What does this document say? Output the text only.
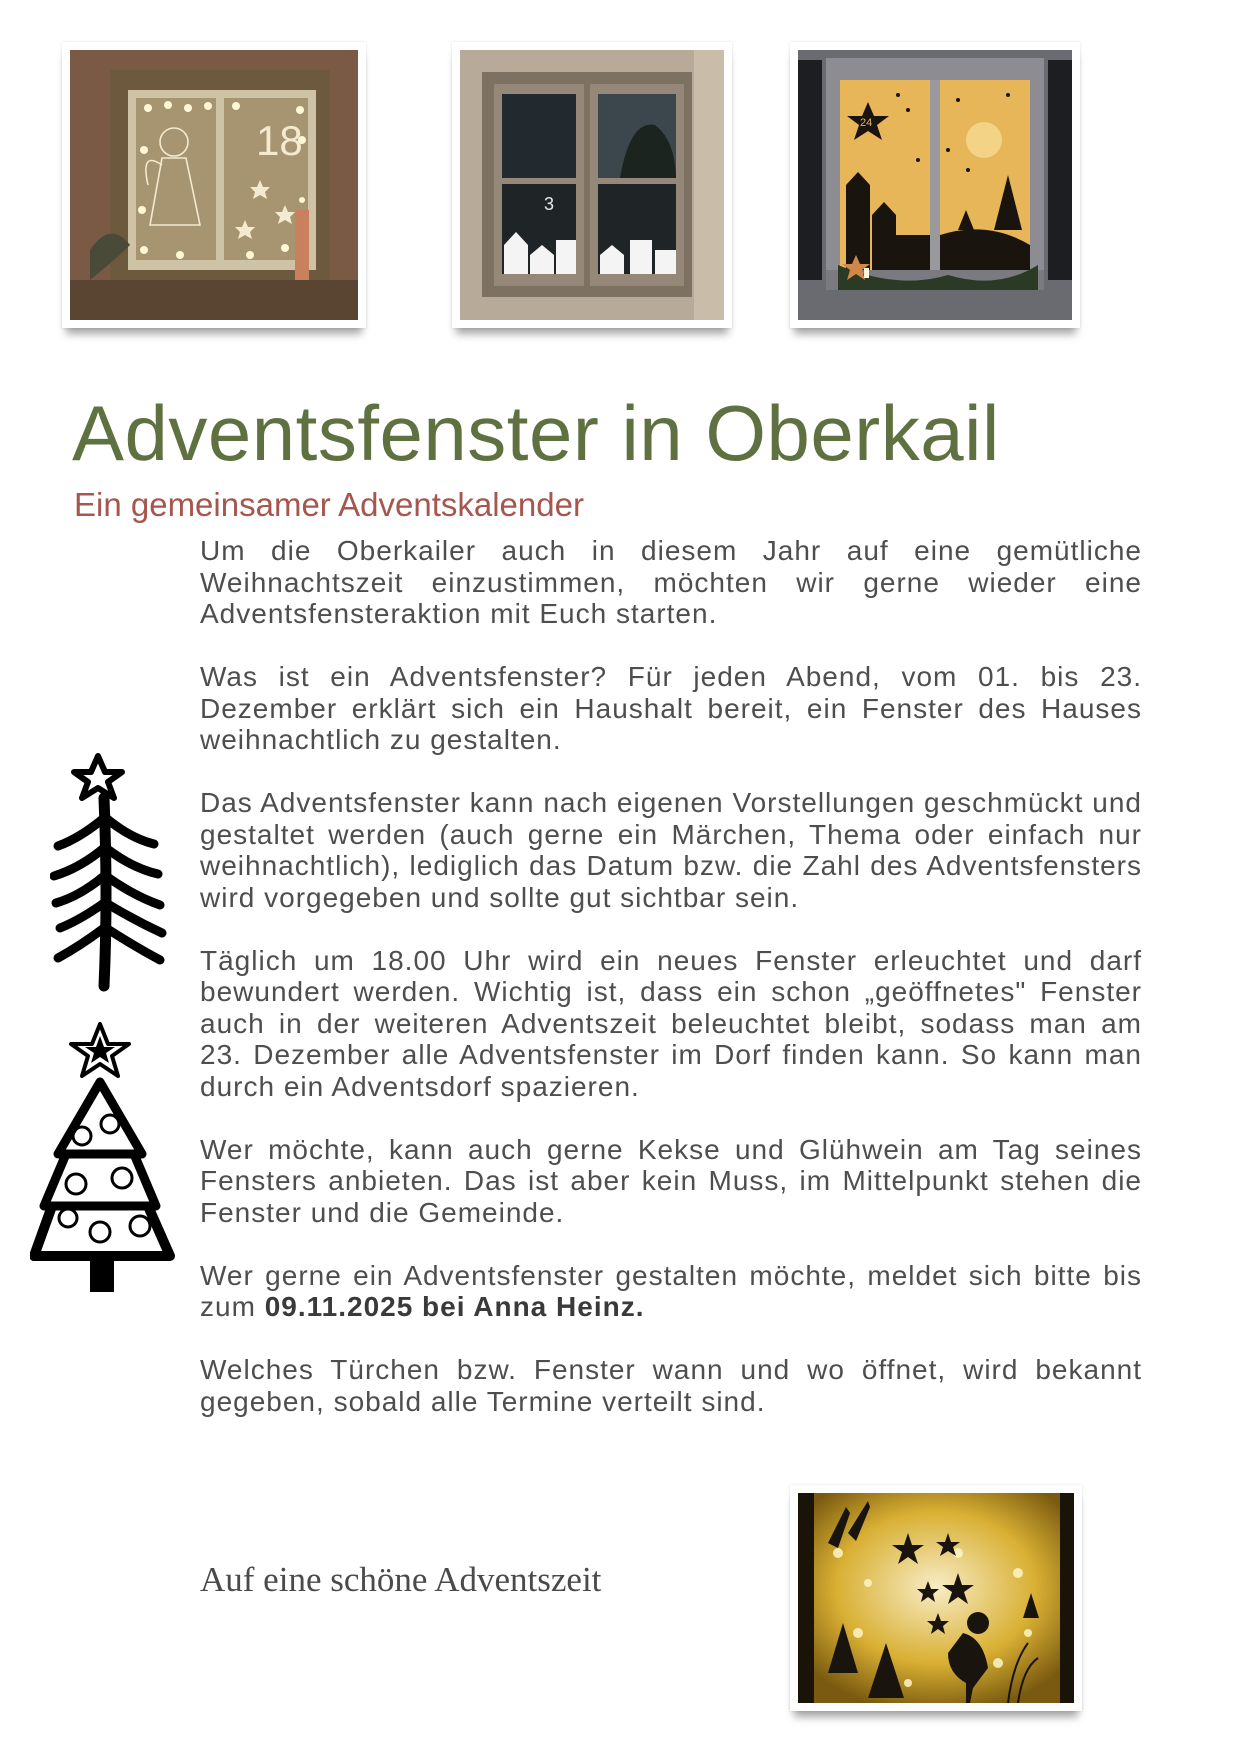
18
3
24
Adventsfenster in Oberkail
Ein gemeinsamer Adventskalender

Um die Oberkailer auch in diesem Jahr auf eine gemütliche Weihnachtszeit einzustimmen, möchten wir gerne wieder eine Adventsfensteraktion mit Euch starten.

Was ist ein Adventsfenster? Für jeden Abend, vom 01. bis 23. Dezember erklärt sich ein Haushalt bereit, ein Fenster des Hauses weihnachtlich zu gestalten.

Das Adventsfenster kann nach eigenen Vorstellungen geschmückt und gestaltet werden (auch gerne ein Märchen, Thema oder einfach nur weihnachtlich), lediglich das Datum bzw. die Zahl des Adventsfensters wird vorgegeben und sollte gut sichtbar sein.

Täglich um 18.00 Uhr wird ein neues Fenster erleuchtet und darf bewundert werden. Wichtig ist, dass ein schon „geöffnetes" Fenster auch in der weiteren Adventszeit beleuchtet bleibt, sodass man am 23. Dezember alle Adventsfenster im Dorf finden kann. So kann man durch ein Adventsdorf spazieren.

Wer möchte, kann auch gerne Kekse und Glühwein am Tag seines Fensters anbieten. Das ist aber kein Muss, im Mittelpunkt stehen die Fenster und die Gemeinde.

Wer gerne ein Adventsfenster gestalten möchte, meldet sich bitte bis zum 09.11.2025 bei Anna Heinz.

Welches Türchen bzw. Fenster wann und wo öffnet, wird bekannt gegeben, sobald alle Termine verteilt sind.

Auf eine schöne Adventszeit
